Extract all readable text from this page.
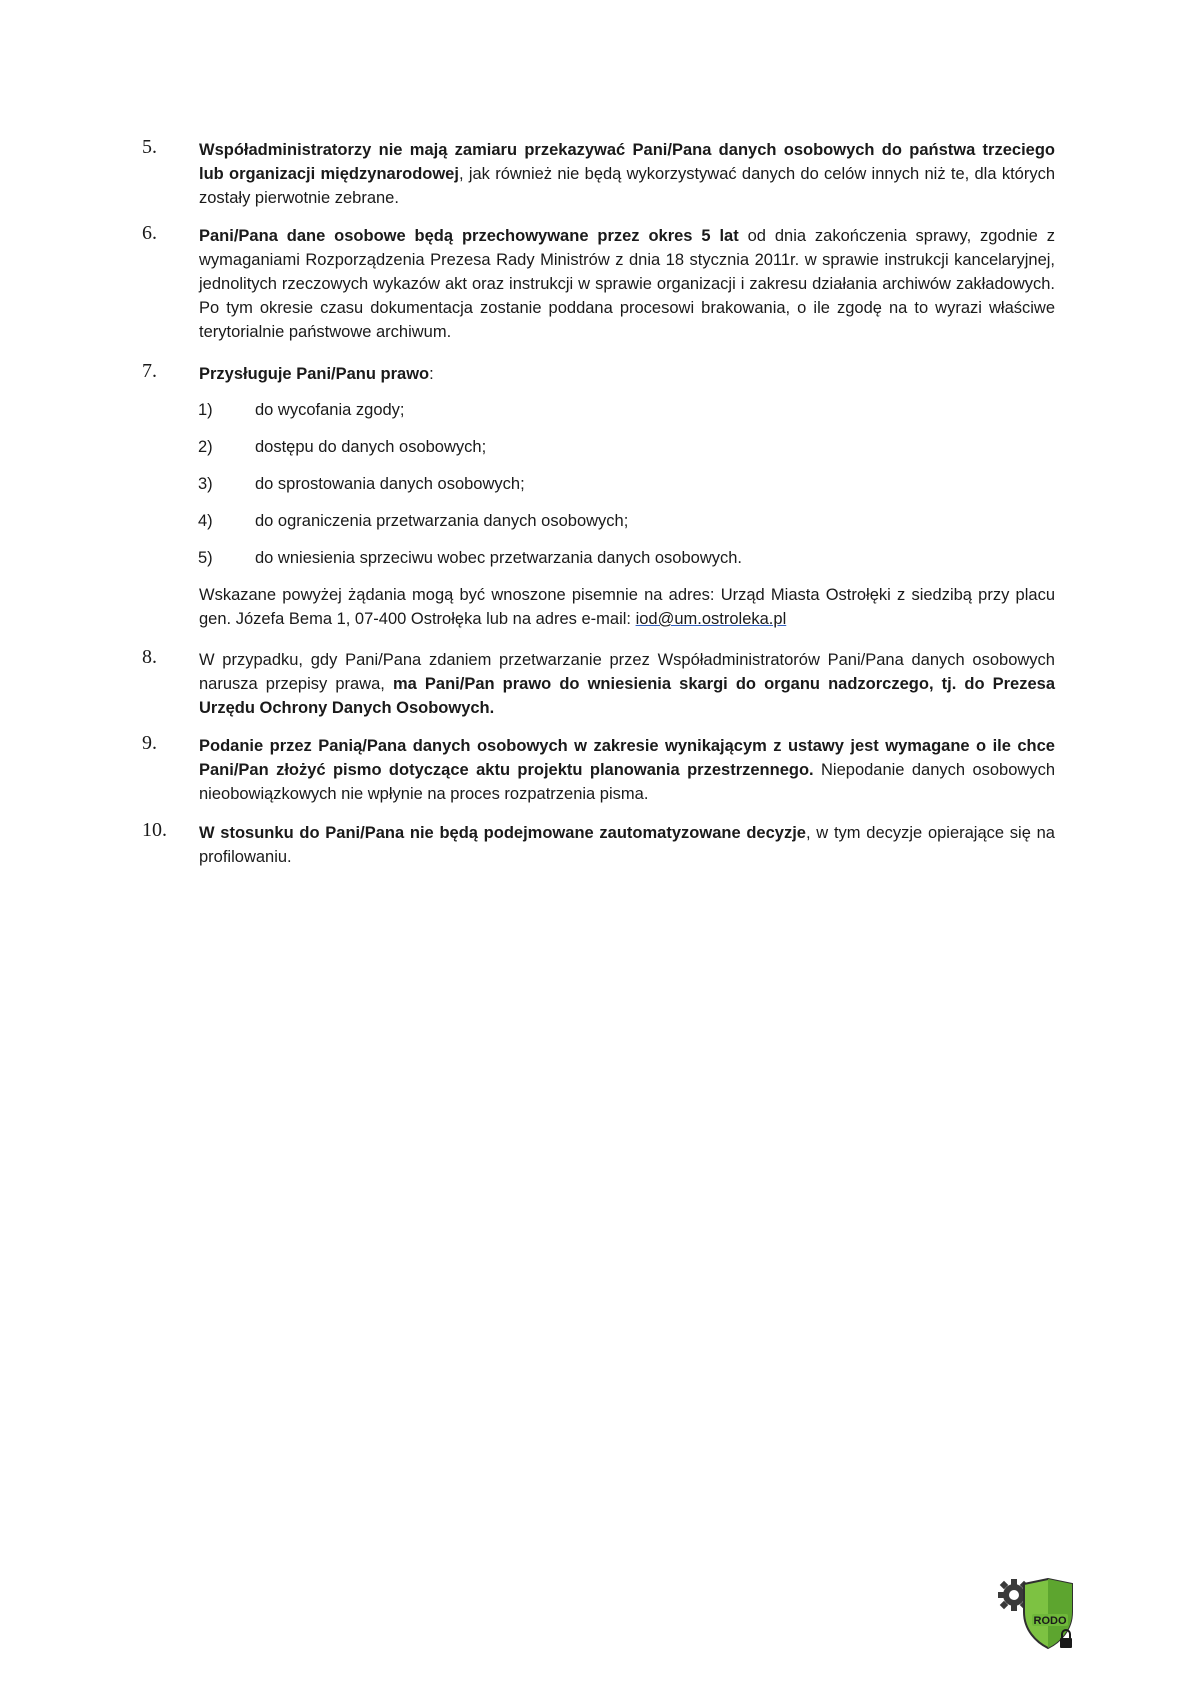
5.	Współadministratorzy nie mają zamiaru przekazywać Pani/Pana danych osobowych do państwa trzeciego lub organizacji międzynarodowej, jak również nie będą wykorzystywać danych do celów innych niż te, dla których zostały pierwotnie zebrane.
6.	Pani/Pana dane osobowe będą przechowywane przez okres 5 lat od dnia zakończenia sprawy, zgodnie z wymaganiami Rozporządzenia Prezesa Rady Ministrów z dnia 18 stycznia 2011r. w sprawie instrukcji kancelaryjnej, jednolitych rzeczowych wykazów akt oraz instrukcji w sprawie organizacji i zakresu działania archiwów zakładowych. Po tym okresie czasu dokumentacja zostanie poddana procesowi brakowania, o ile zgodę na to wyrazi właściwe terytorialnie państwowe archiwum.
7.	Przysługuje Pani/Panu prawo:
1)	do wycofania zgody;
2)	dostępu do danych osobowych;
3)	do sprostowania danych osobowych;
4)	do ograniczenia przetwarzania danych osobowych;
5)	do wniesienia sprzeciwu wobec przetwarzania danych osobowych.
Wskazane powyżej żądania mogą być wnoszone pisemnie na adres: Urząd Miasta Ostrołęki z siedzibą przy placu gen. Józefa Bema 1, 07-400 Ostrołęka lub na adres e-mail: iod@um.ostroleka.pl
8.	W przypadku, gdy Pani/Pana zdaniem przetwarzanie przez Współadministratorów Pani/Pana danych osobowych narusza przepisy prawa, ma Pani/Pan prawo do wniesienia skargi do organu nadzorczego, tj. do Prezesa Urzędu Ochrony Danych Osobowych.
9.	Podanie przez Panią/Pana danych osobowych w zakresie wynikającym z ustawy jest wymagane o ile chce Pani/Pan złożyć pismo dotyczące aktu projektu planowania przestrzennego. Niepodanie danych osobowych nieobowiązkowych nie wpłynie na proces rozpatrzenia pisma.
10. W stosunku do Pani/Pana nie będą podejmowane zautomatyzowane decyzje, w tym decyzje opierające się na profilowaniu.
RODO
